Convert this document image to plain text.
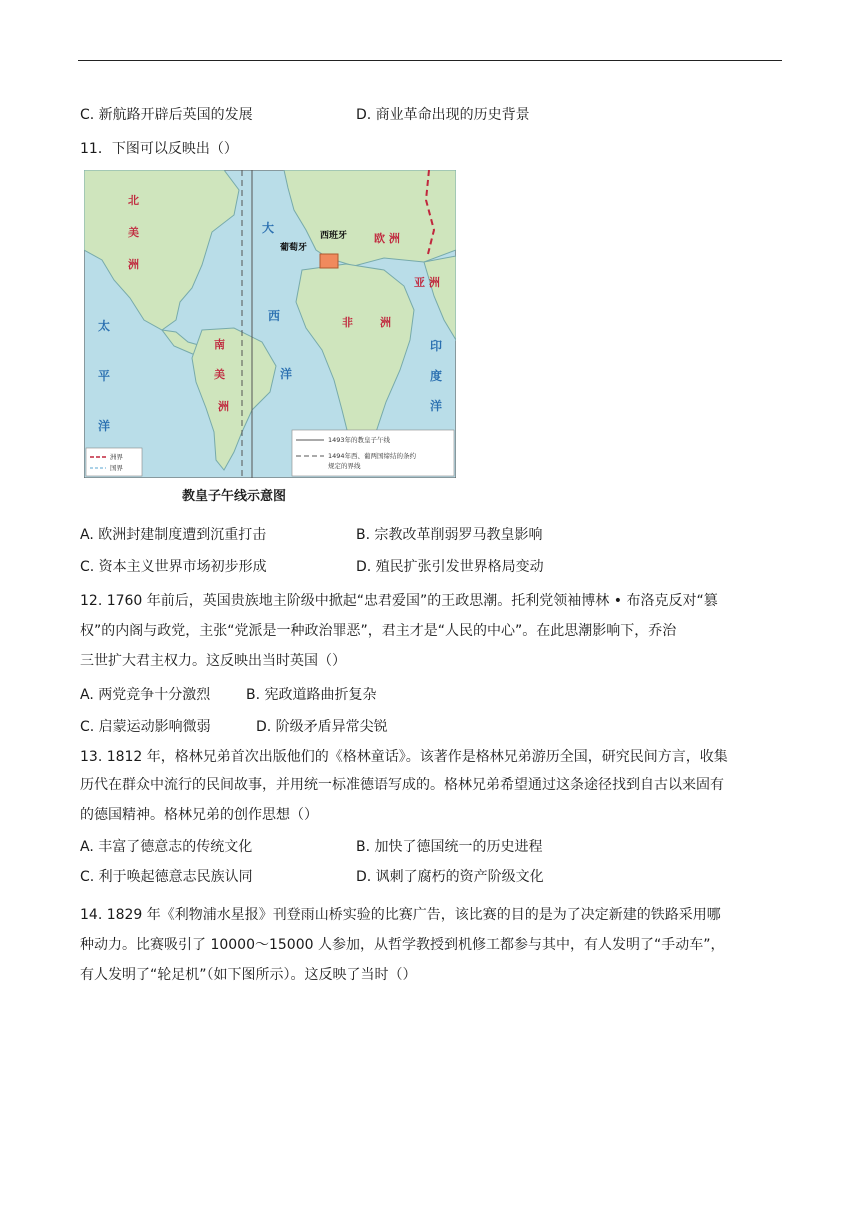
C. 新航路开辟后英国的发展	D. 商业革命出现的历史背景
11．下图可以反映出（）
北
美
洲
南
美
洲
太
平
洋
大
西
洋
印
度
洋
欧 洲
亚 洲
非 洲
葡萄牙
西班牙
洲界
国界
1493年的教皇子午线
1494年西、葡两国缔结的条约
规定的界线
教皇子午线示意图
A. 欧洲封建制度遭到沉重打击	B. 宗教改革削弱罗马教皇影响
C. 资本主义世界市场初步形成	D. 殖民扩张引发世界格局变动
12. 1760 年前后，英国贵族地主阶级中掀起“忠君爱国”的王政思潮。托利党领袖博林 • 布洛克反对“篡
权”的内阁与政党，主张“党派是一种政治罪恶”，君主才是“人民的中心”。在此思潮影响下，乔治
三世扩大君主权力。这反映出当时英国（）
A. 两党竞争十分激烈	B. 宪政道路曲折复杂
C. 启蒙运动影响微弱	D. 阶级矛盾异常尖锐
13. 1812 年，格林兄弟首次出版他们的《格林童话》。该著作是格林兄弟游历全国，研究民间方言，收集
历代在群众中流行的民间故事，并用统一标准德语写成的。格林兄弟希望通过这条途径找到自古以来固有
的德国精神。格林兄弟的创作思想（）
A. 丰富了德意志的传统文化	B. 加快了德国统一的历史进程
C. 利于唤起德意志民族认同	D. 讽刺了腐朽的资产阶级文化
14. 1829 年《利物浦水星报》刊登雨山桥实验的比赛广告，该比赛的目的是为了决定新建的铁路采用哪
种动力。比赛吸引了 10000～15000 人参加，从哲学教授到机修工都参与其中，有人发明了“手动车”，
有人发明了“轮足机”（如下图所示）。这反映了当时（）
